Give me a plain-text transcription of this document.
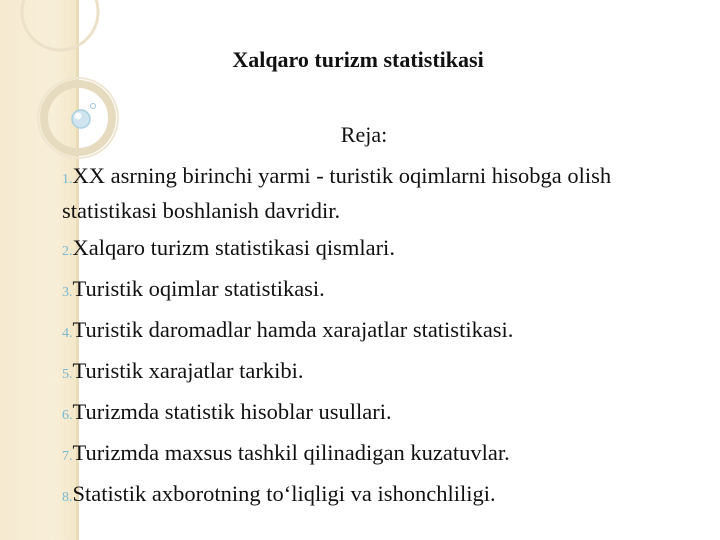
Xalqaro turizm statistikasi
Reja:
1.XX asrning birinchi yarmi - turistik oqimlarni hisobga olish statistikasi boshlanish davridir.
2.Xalqaro turizm statistikasi qismlari.
3.Turistik oqimlar statistikasi.
4.Turistik daromadlar hamda xarajatlar statistikasi.
5.Turistik xarajatlar tarkibi.
6.Turizmda statistik hisoblar usullari.
7.Turizmda maxsus tashkil qilinadigan kuzatuvlar.
8.Statistik axborotning to‘liqligi va ishonchliligi.
